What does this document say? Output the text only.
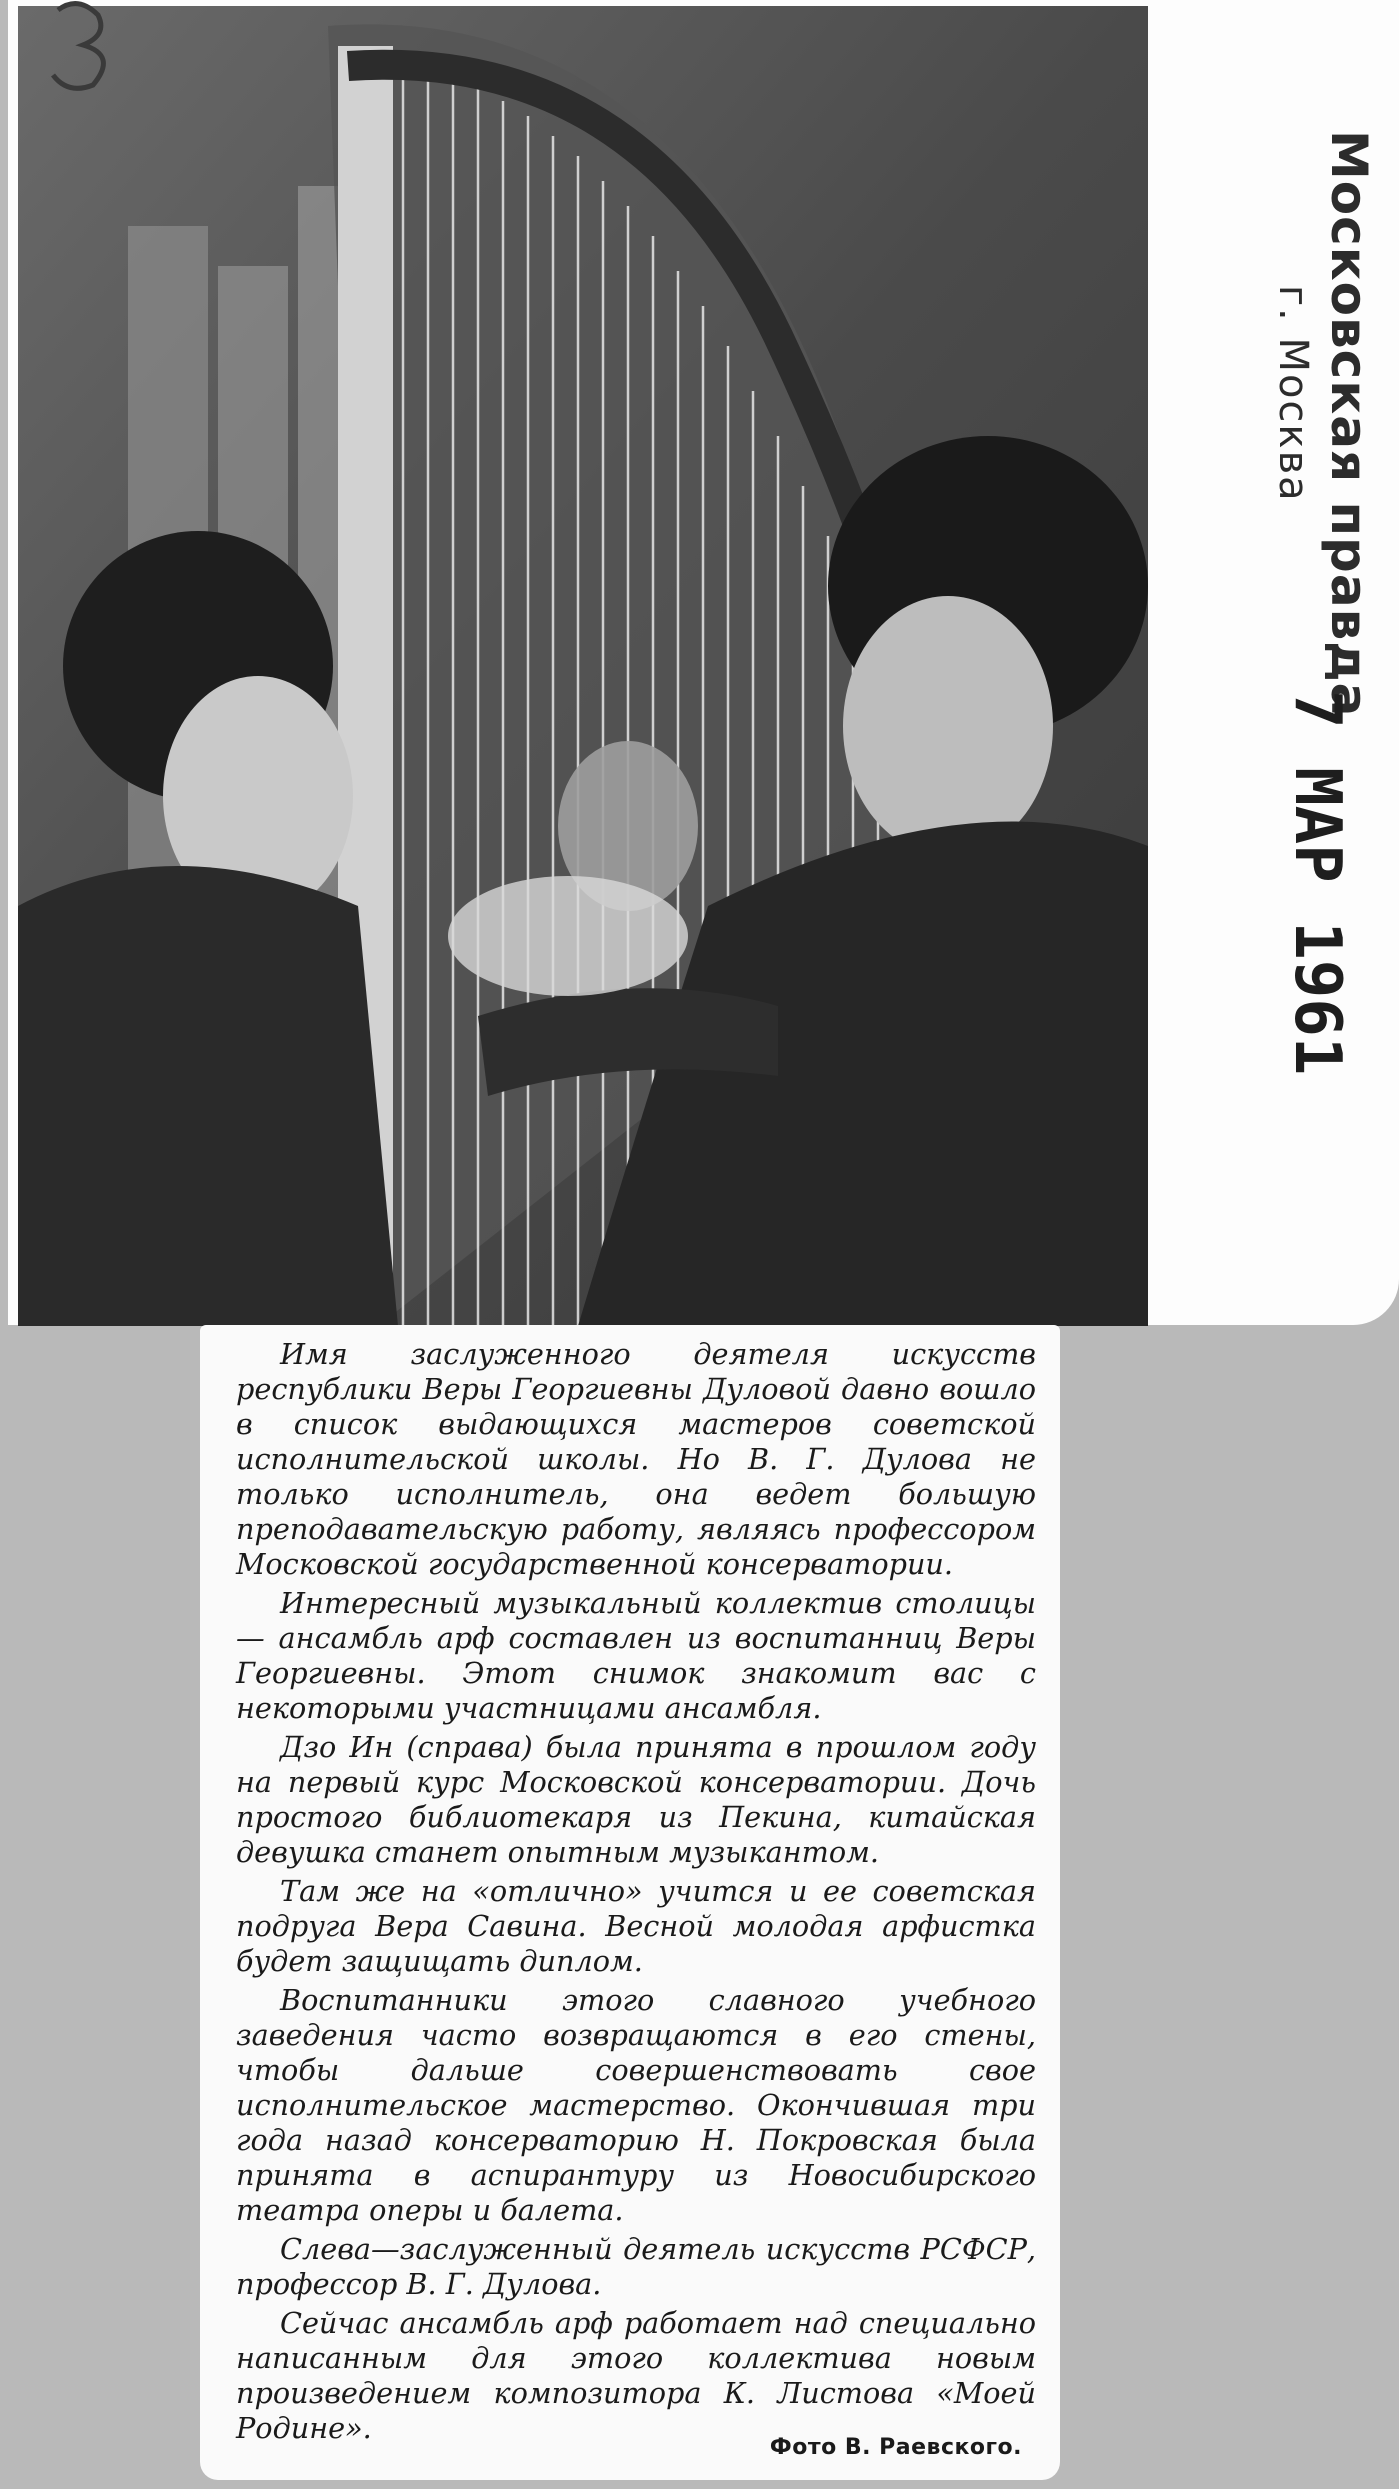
Московская правда
г. Москва
7 МАР 1961

Имя заслуженного деятеля искусств республики Веры Георгиевны Дуловой давно вошло в список выдающихся мастеров советской исполнительской школы. Но В. Г. Дулова не только исполнитель, она ведет большую преподавательскую работу, являясь профессором Московской государственной консерватории.

Интересный музыкальный коллектив столицы — ансамбль арф составлен из воспитанниц Веры Георгиевны. Этот снимок знакомит вас с некоторыми участницами ансамбля.

Дзо Ин (справа) была принята в прошлом году на первый курс Московской консерватории. Дочь простого библиотекаря из Пекина, китайская девушка станет опытным музыкантом.

Там же на «отлично» учится и ее советская подруга Вера Савина. Весной молодая арфистка будет защищать диплом.

Воспитанники этого славного учебного заведения часто возвращаются в его стены, чтобы дальше совершенствовать свое исполнительское мастерство. Окончившая три года назад консерваторию Н. Покровская была принята в аспирантуру из Новосибирского театра оперы и балета.

Слева—заслуженный деятель искусств РСФСР, профессор В. Г. Дулова.

Сейчас ансамбль арф работает над специально написанным для этого коллектива новым произведением композитора К. Листова «Моей Родине».

Фото В. Раевского.
